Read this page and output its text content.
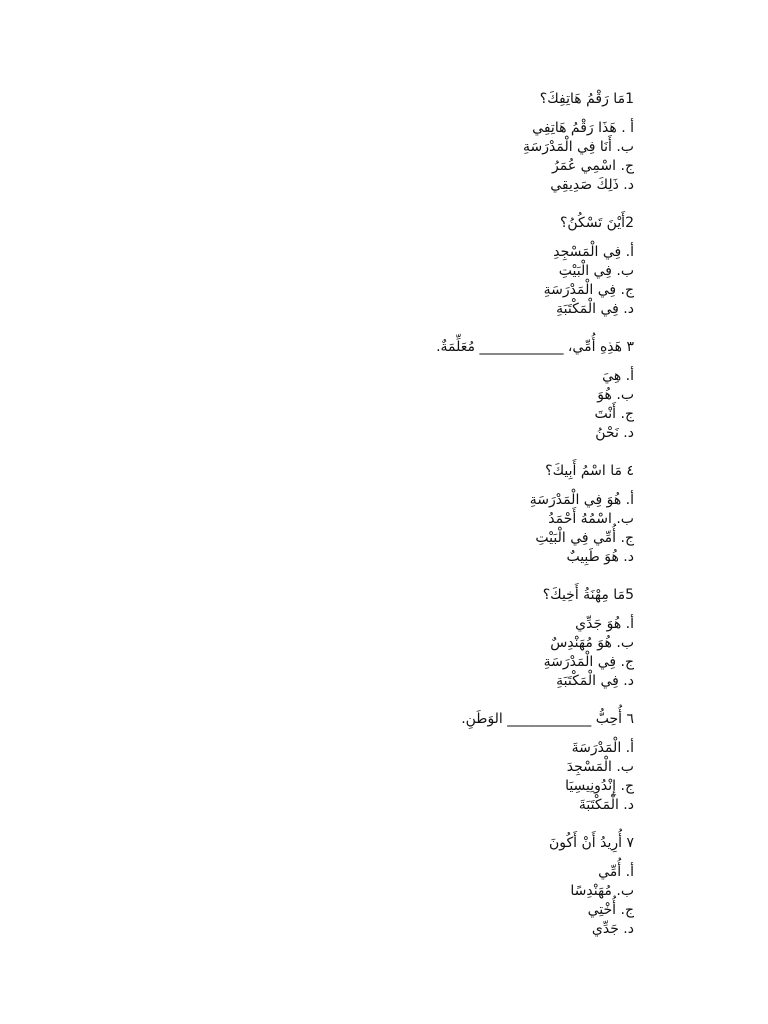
1مَا رَقْمُ هَاتِفِكَ؟
أ . هَذَا رَقْمُ هَاتِفِي
ب. أَنَا فِي الْمَدْرَسَةِ
ج. اسْمِي عُمَرُ
د. ذَلِكَ صَدِيقِي
2أَيْنَ تَسْكُنُ؟
أ. فِي الْمَسْجِدِ
ب. فِي الْبَيْتِ
ج. فِي الْمَدْرَسَةِ
د. فِي الْمَكْتَبَةِ
٣ هَذِهِ أُمِّي، ____________ مُعَلِّمَةٌ.
أ. هِيَ
ب. هُوَ
ج. أَنْتَ
د. نَحْنُ
٤ مَا اسْمُ أَبِيكَ؟
أ. هُوَ فِي الْمَدْرَسَةِ
ب. اسْمُهُ أَحْمَدُ
ج. أُمِّي فِي الْبَيْتِ
د. هُوَ طَبِيبٌ
5مَا مِهْنَةُ أَخِيكَ؟
أ. هُوَ جَدِّي
ب. هُوَ مُهَنْدِسٌ
ج. فِي الْمَدْرَسَةِ
د. فِي الْمَكْتَبَةِ
٦ أُحِبُّ ____________ الوَطَنِ.
أ. الْمَدْرَسَةَ
ب. الْمَسْجِدَ
ج. إِنْدُونِيسِيَا
د. الْمَكْتَبَةَ
٧ أُرِيدُ أَنْ أَكُونَ
أ. أُمِّي
ب. مُهَنْدِسًا
ج. أُخْتِي
د. جَدِّي
